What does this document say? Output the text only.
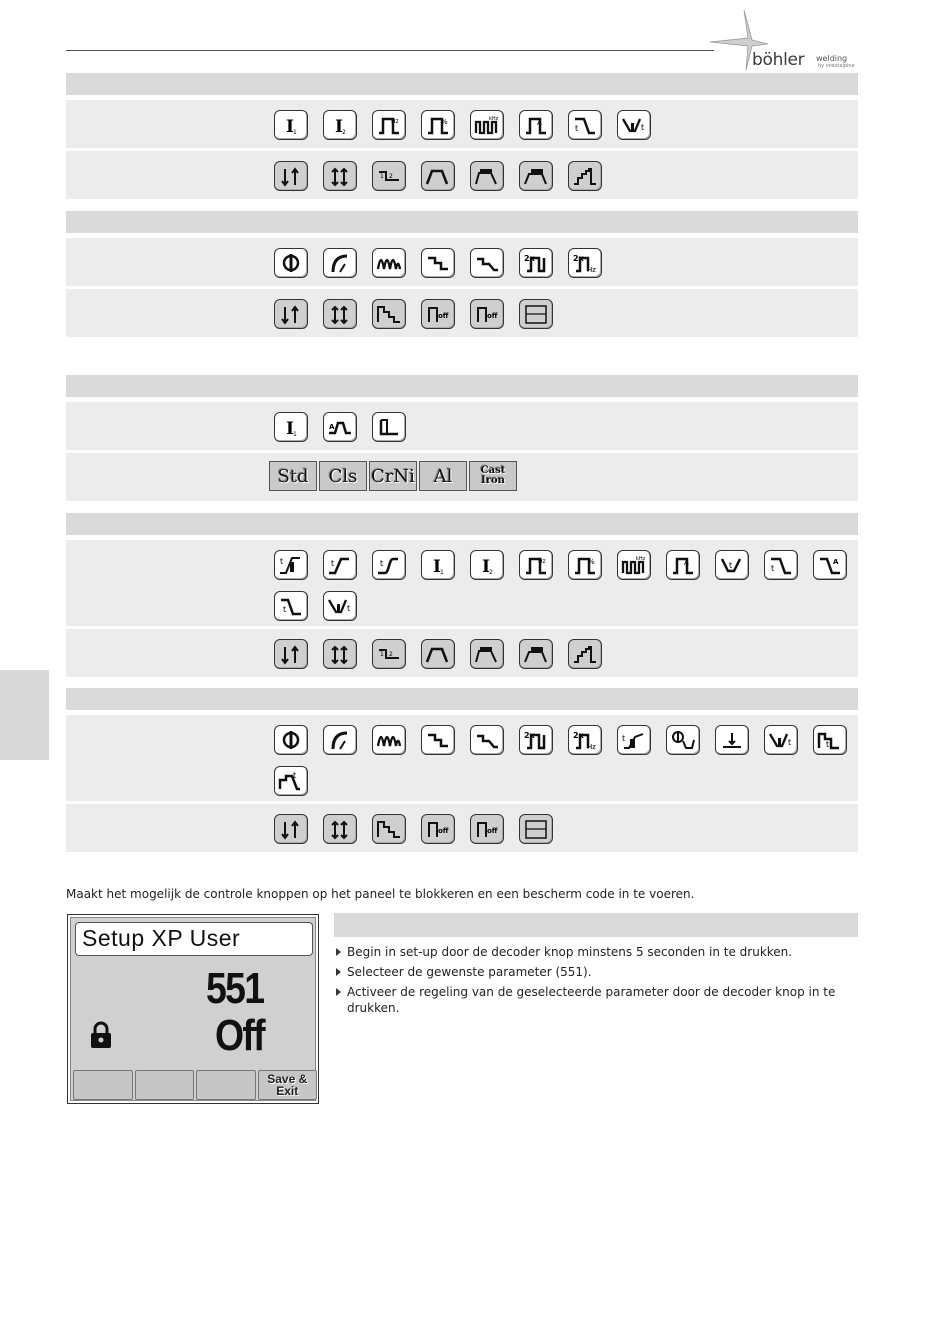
böhler welding
by voestalpine
I 1 I 2
Hz	%	kHz	A
t	t
1 2
2x	2x
Hz
off	off
I 1
A
Std	Cls CrNi	Al	Cast Iron
t	t	t	I 1 I 2
Hz	%	kHz	A	t	t
A
t	t
1 2
2x	2x
Hz
t	t	t
t
off	off
Maakt het mogelijk de controle knoppen op het paneel te blokkeren en een bescherm code in te voeren.
Setup XP User
551
Off
Save & Exit
Begin in set-up door de decoder knop minstens 5 seconden in te drukken.
Selecteer de gewenste parameter (551).
Activeer de regeling van de geselecteerde parameter door de decoder knop in te drukken.
